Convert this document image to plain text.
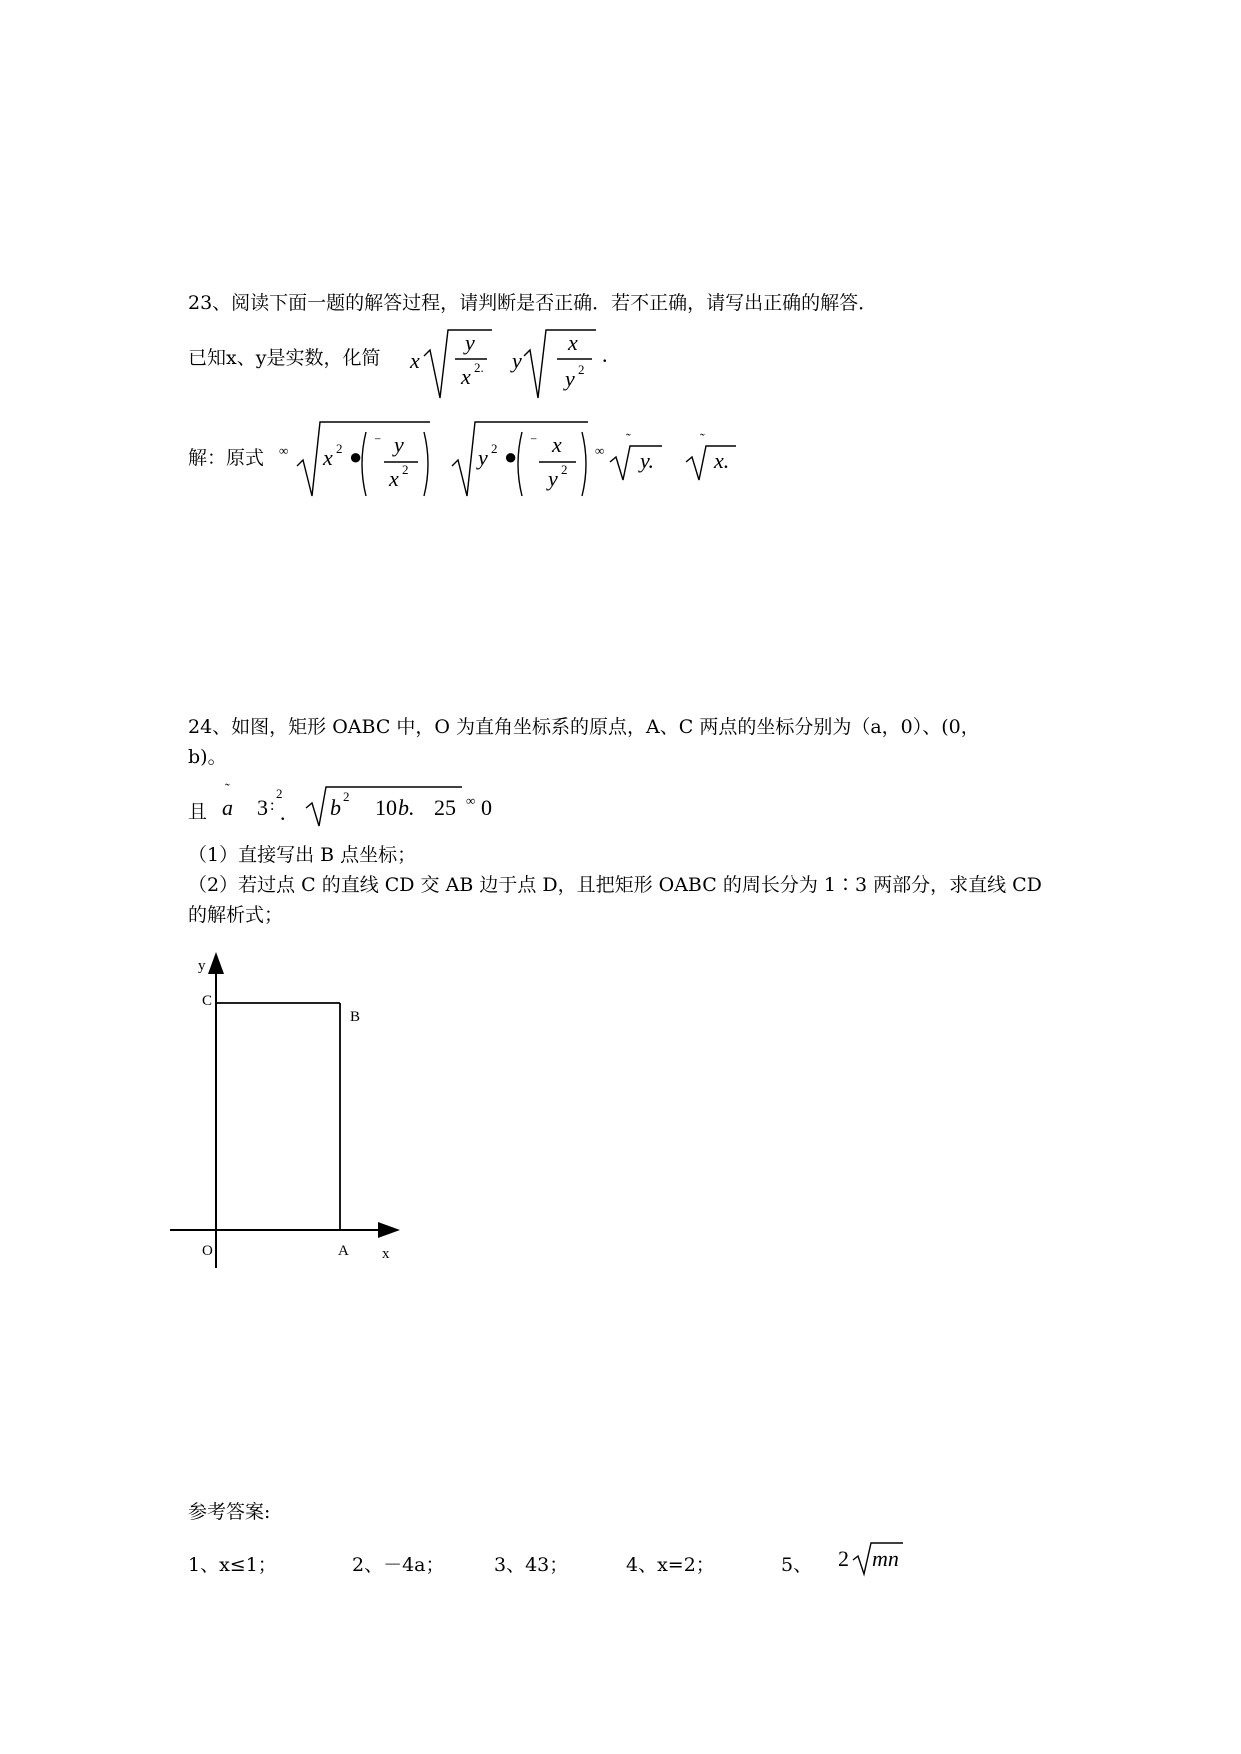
23、阅读下面一题的解答过程，请判断是否正确．若不正确，请写出正确的解答．
已知x、y是实数，化简 x
y
x 2. y
x
y 2
.
解：原式 ∞ x 2 ●
⁻ y
x 2	y 2 ●
⁻ x
y 2
∞
˜
y.
˜
x.
24、如图，矩形 OABC 中，O 为直角坐标系的原点，A、C 两点的坐标分别为（a，0）、(0，
b)。
且
˜
a 3
2
: . b 2 10 b. 25 ∞ 0
（1）直接写出 B 点坐标；
（2）若过点 C 的直线 CD 交 AB 边于点 D，且把矩形 OABC 的周长分为 1∶3 两部分，求直线 CD
的解析式；
y
C
B
O	A x
参考答案:
1、x≤1；	2、－4a；	3、43；	4、x=2；	5、 2 mn
